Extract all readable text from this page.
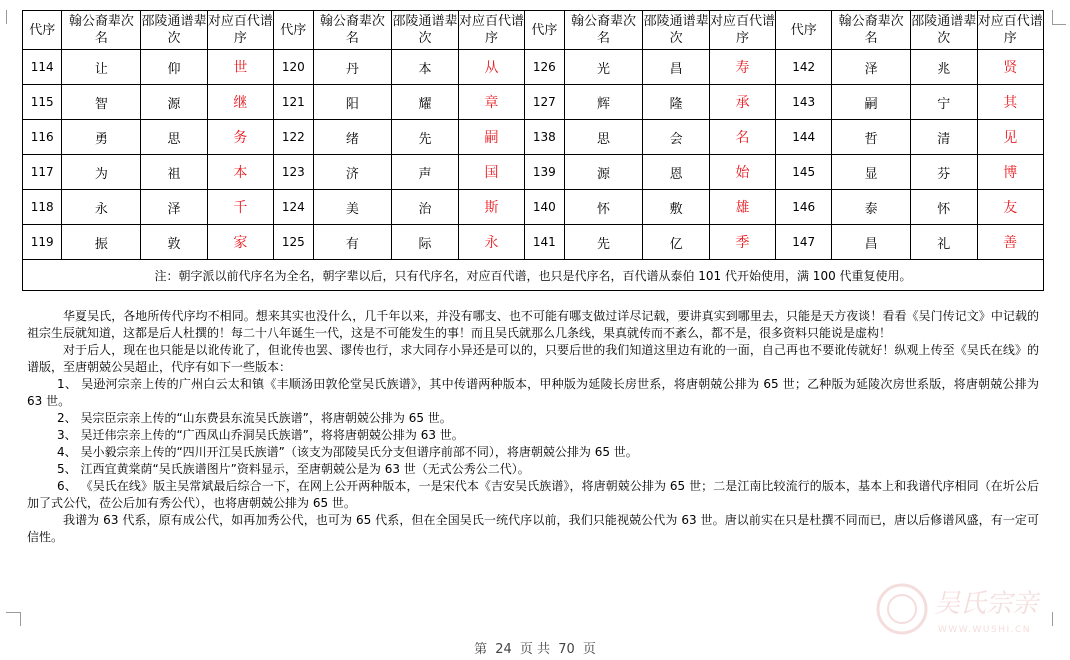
代序	翰公裔辈次名	邵陵通谱辈次	对应百代谱序	代序	翰公裔辈次名	邵陵通谱辈次	对应百代谱序	代序	翰公裔辈次名	邵陵通谱辈次	对应百代谱序	代序	翰公裔辈次名	邵陵通谱辈次	对应百代谱序
114	让	仰	世	120	丹	本	从	126	光	昌	寿	142	泽	兆	贤
115	智	源	继	121	阳	耀	章	127	辉	隆	承	143	嗣	宁	其
116	勇	思	务	122	绪	先	嗣	138	思	会	名	144	哲	清	见
117	为	祖	本	123	济	声	国	139	源	恩	始	145	显	芬	博
118	永	泽	千	124	美	治	斯	140	怀	敷	雄	146	泰	怀	友
119	振	敦	家	125	有	际	永	141	先	亿	季	147	昌	礼	善
注：朝字派以前代序名为全名，朝字辈以后，只有代序名，对应百代谱，也只是代序名，百代谱从泰伯 101 代开始使用，满 100 代重复使用。															

华夏吴氏，各地所传代序均不相同。想来其实也没什么，几千年以来，并没有哪支、也不可能有哪支做过详尽记载，要讲真实到哪里去，只能是天方夜谈！看看《吴门传记文》中记载的祖宗生辰就知道，这都是后人杜撰的！每二十八年诞生一代，这是不可能发生的事！而且吴氏就那么几条线，果真就传而不紊么，都不是，很多资料只能说是虚构！

对于后人，现在也只能是以讹传讹了，但讹传也罢、谬传也行，求大同存小异还是可以的，只要后世的我们知道这里边有讹的一面，自己再也不要讹传就好！纵观上传至《吴氏在线》的谱版，至唐朝兢公吴超止，代序有如下一些版本：

1、 吴逊河宗亲上传的广州白云太和镇《丰顺汤田敦伦堂吴氏族谱》，其中传谱两种版本，甲种版为延陵长房世系，将唐朝兢公排为 65 世；乙种版为延陵次房世系版，将唐朝兢公排为 63 世。

2、 吴宗臣宗亲上传的“山东费县东流吴氏族谱”，将唐朝兢公排为 65 世。

3、 吴迁伟宗亲上传的“广西凤山乔洞吴氏族谱”，将将唐朝兢公排为 63 世。

4、 吴小毅宗亲上传的“四川开江吴氏族谱”（该支为邵陵吴氏分支但谱序前部不同），将唐朝兢公排为 65 世。

5、 江西宜黄棠荫“吴氏族谱图片”资料显示，至唐朝兢公是为 63 世（无式公秀公二代）。

6、 《吴氏在线》版主吴常斌最后综合一下，在网上公开两种版本，一是宋代本《吉安吴氏族谱》，将唐朝兢公排为 65 世；二是江南比较流行的版本，基本上和我谱代序相同（在圻公后加了式公代，莅公后加有秀公代），也将唐朝兢公排为 65 世。

我谱为 63 代系，原有成公代，如再加秀公代，也可为 65 代系，但在全国吴氏一统代序以前，我们只能视兢公代为 63 世。唐以前实在只是杜撰不同而已，唐以后修谱风盛，有一定可信性。

吴氏宗亲
WWW.WUSHI.CN
第 24 页 共 70 页
